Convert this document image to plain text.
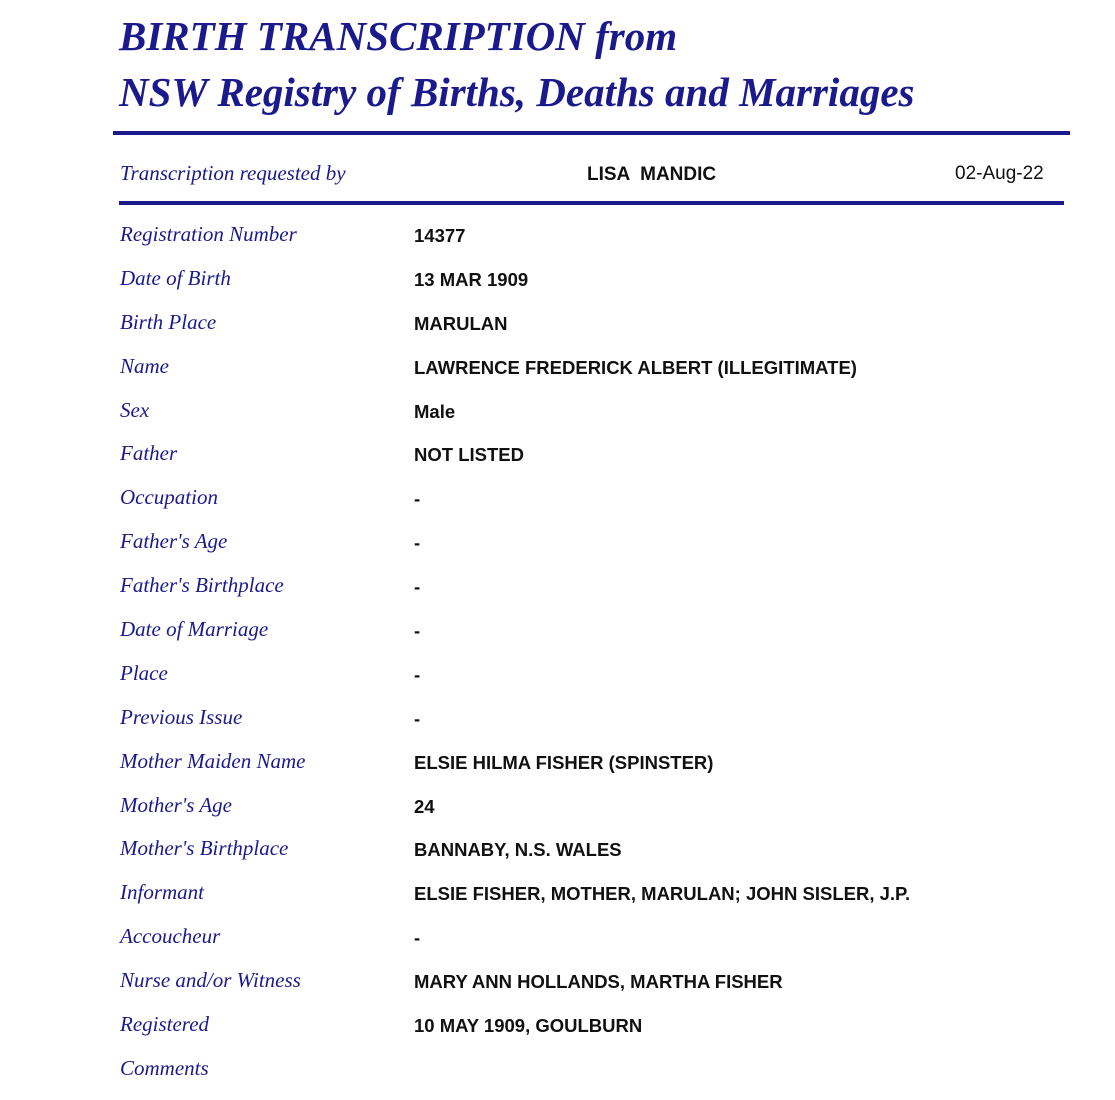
BIRTH TRANSCRIPTION from
NSW Registry of Births, Deaths and Marriages
Transcription requested by	LISA  MANDIC	02-Aug-22
Registration Number	14377
Date of Birth	13 MAR 1909
Birth Place	MARULAN
Name	LAWRENCE FREDERICK ALBERT (ILLEGITIMATE)
Sex	Male
Father	NOT LISTED
Occupation	-
Father's Age	-
Father's Birthplace	-
Date of Marriage	-
Place	-
Previous Issue	-
Mother Maiden Name	ELSIE HILMA FISHER (SPINSTER)
Mother's Age	24
Mother's Birthplace	BANNABY, N.S. WALES
Informant	ELSIE FISHER, MOTHER, MARULAN; JOHN SISLER, J.P.
Accoucheur	-
Nurse and/or Witness	MARY ANN HOLLANDS, MARTHA FISHER
Registered	10 MAY 1909, GOULBURN
Comments
